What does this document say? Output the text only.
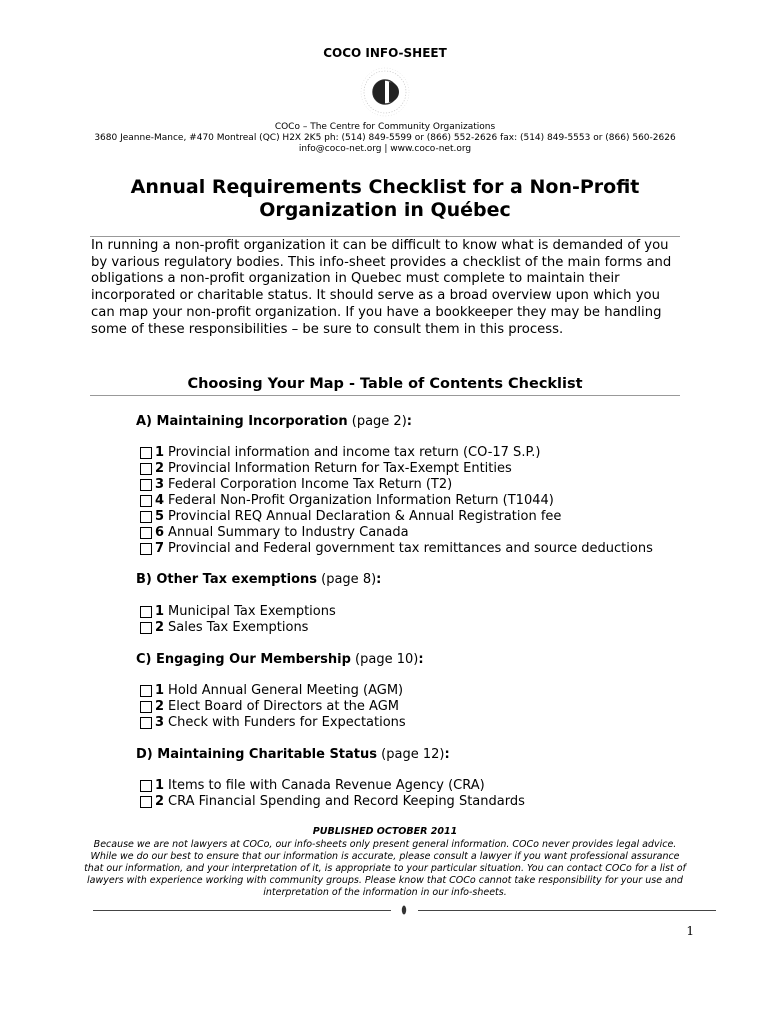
COCO INFO-SHEET
COCo – The Centre for Community Organizations
3680 Jeanne-Mance, #470 Montreal (QC) H2X 2K5 ph: (514) 849-5599 or (866) 552-2626 fax: (514) 849-5553 or (866) 560-2626
info@coco-net.org | www.coco-net.org
Annual Requirements Checklist for a Non-Profit
Organization in Québec
In running a non-profit organization it can be difficult to know what is demanded of you by various regulatory bodies. This info-sheet provides a checklist of the main forms and obligations a non-profit organization in Quebec must complete to maintain their incorporated or charitable status. It should serve as a broad overview upon which you can map your non-profit organization. If you have a bookkeeper they may be handling some of these responsibilities – be sure to consult them in this process.
Choosing Your Map - Table of Contents Checklist
A) Maintaining Incorporation (page 2):
1 Provincial information and income tax return (CO-17 S.P.)
2 Provincial Information Return for Tax-Exempt Entities
3 Federal Corporation Income Tax Return (T2)
4 Federal Non-Profit Organization Information Return (T1044)
5 Provincial REQ Annual Declaration & Annual Registration fee
6 Annual Summary to Industry Canada
7 Provincial and Federal government tax remittances and source deductions
B) Other Tax exemptions (page 8):
1 Municipal Tax Exemptions
2 Sales Tax Exemptions
C) Engaging Our Membership (page 10):
1 Hold Annual General Meeting (AGM)
2 Elect Board of Directors at the AGM
3 Check with Funders for Expectations
D) Maintaining Charitable Status (page 12):
1 Items to file with Canada Revenue Agency (CRA)
2 CRA Financial Spending and Record Keeping Standards
PUBLISHED OCTOBER 2011
Because we are not lawyers at COCo, our info-sheets only present general information. COCo never provides legal advice. While we do our best to ensure that our information is accurate, please consult a lawyer if you want professional assurance that our information, and your interpretation of it, is appropriate to your particular situation. You can contact COCo for a list of lawyers with experience working with community groups. Please know that COCo cannot take responsibility for your use and interpretation of the information in our info-sheets.
1
